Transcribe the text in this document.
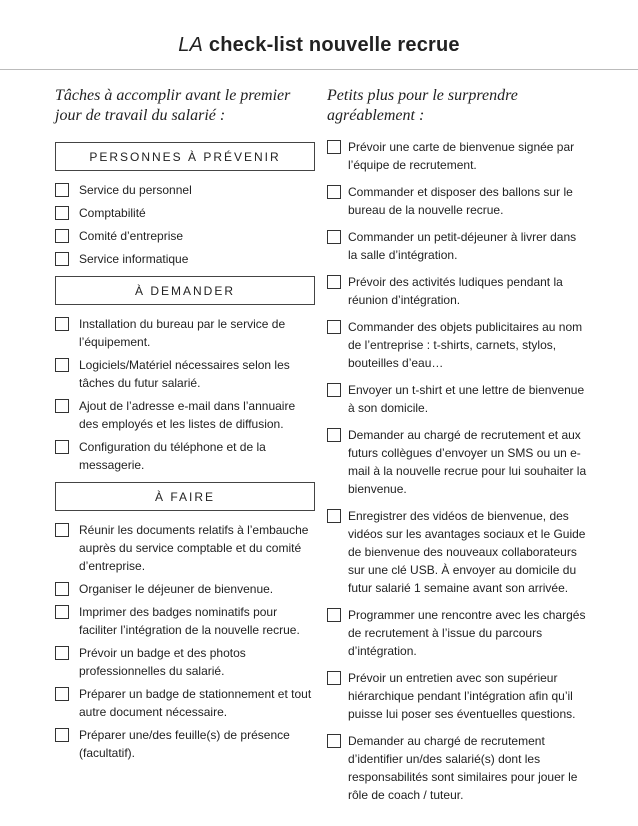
LA check-list nouvelle recrue

Tâches à accomplir avant le premier jour de travail du salarié :

PERSONNES À PRÉVENIR
Service du personnel
Comptabilité
Comité d’entreprise
Service informatique
À DEMANDER
Installation du bureau par le service de l’équipement.
Logiciels/Matériel nécessaires selon les tâches du futur salarié.
Ajout de l’adresse e-mail dans l’annuaire des employés et les listes de diffusion.
Configuration du téléphone et de la messagerie.
À FAIRE
Réunir les documents relatifs à l’embauche auprès du service comptable et du comité d’entreprise.
Organiser le déjeuner de bienvenue.
Imprimer des badges nominatifs pour faciliter l’intégration de la nouvelle recrue.
Prévoir un badge et des photos professionnelles du salarié.
Préparer un badge de stationnement et tout autre document nécessaire.
Préparer une/des feuille(s) de présence (facultatif).

Petits plus pour le surprendre agréablement :

Prévoir une carte de bienvenue signée par l’équipe de recrutement.
Commander et disposer des ballons sur le bureau de la nouvelle recrue.
Commander un petit-déjeuner à livrer dans la salle d’intégration.
Prévoir des activités ludiques pendant la réunion d’intégration.
Commander des objets publicitaires au nom de l’entreprise : t-shirts, carnets, stylos, bouteilles d’eau…
Envoyer un t-shirt et une lettre de bienvenue à son domicile.
Demander au chargé de recrutement et aux futurs collègues d’envoyer un SMS ou un e-mail à la nouvelle recrue pour lui souhaiter la bienvenue.
Enregistrer des vidéos de bienvenue, des vidéos sur les avantages sociaux et le Guide de bienvenue des nouveaux collaborateurs sur une clé USB. À envoyer au domicile du futur salarié 1 semaine avant son arrivée.
Programmer une rencontre avec les chargés de recrutement à l’issue du parcours d’intégration.
Prévoir un entretien avec son supérieur hiérarchique pendant l’intégration afin qu’il puisse lui poser ses éventuelles questions.
Demander au chargé de recrutement d’identifier un/des salarié(s) dont les responsabilités sont similaires pour jouer le rôle de coach / tuteur.
